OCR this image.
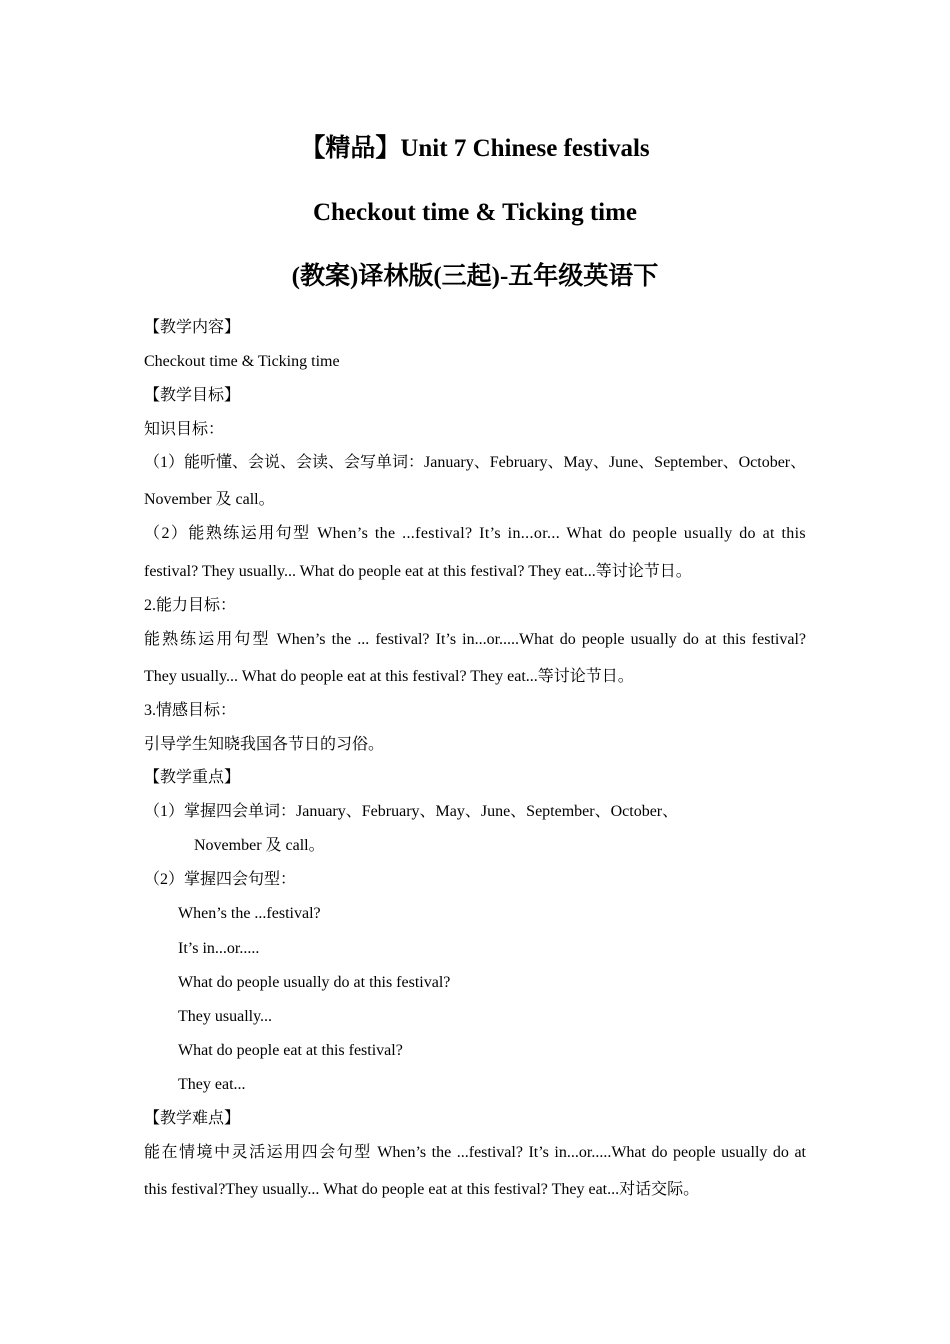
【精品】Unit 7 Chinese festivals
Checkout time & Ticking time
(教案)译林版(三起)-五年级英语下
【教学内容】
Checkout time & Ticking time
【教学目标】
知识目标：
（1）能听懂、会说、会读、会写单词：January、February、May、June、September、October、
November 及 call。
（2）能熟练运用句型 When’s the ...festival? It’s in...or... What do people usually do at this
festival? They usually... What do people eat at this festival? They eat...等讨论节日。
2.能力目标：
能熟练运用句型 When’s the ... festival? It’s in...or.....What do people usually do at this festival?
They usually... What do people eat at this festival? They eat...等讨论节日。
3.情感目标：
引导学生知晓我国各节日的习俗。
【教学重点】
（1）掌握四会单词：January、February、May、June、September、October、
November 及 call。
（2）掌握四会句型：
When’s the ...festival?
It’s in...or.....
What do people usually do at this festival?
They usually...
What do people eat at this festival?
They eat...
【教学难点】
能在情境中灵活运用四会句型 When’s the ...festival? It’s in...or.....What do people usually do at
this festival?They usually... What do people eat at this festival? They eat...对话交际。
